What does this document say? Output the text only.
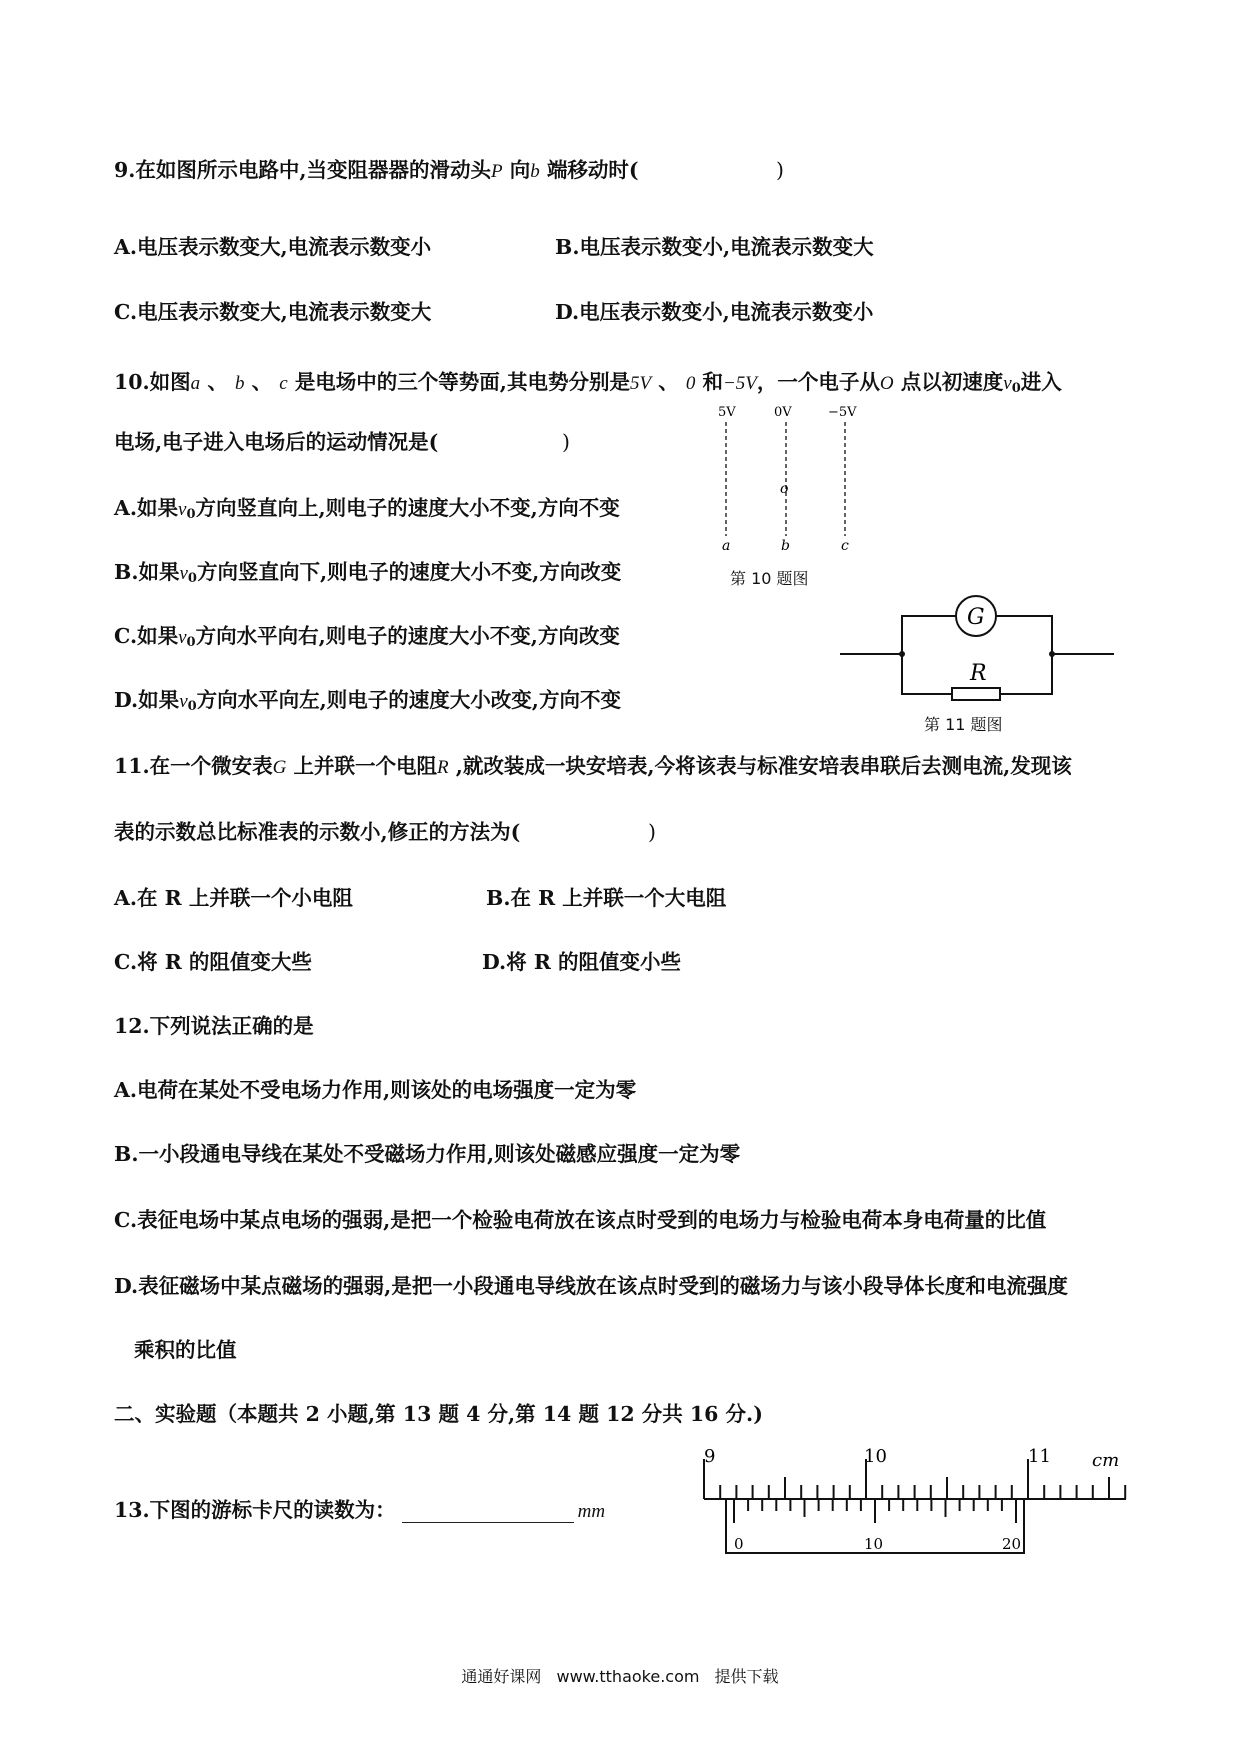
9.在如图所示电路中,当变阻器器的滑动头P 向b 端移动时(	)
A.电压表示数变大,电流表示数变小	B.电压表示数变小,电流表示数变大
C.电压表示数变大,电流表示数变大	D.电压表示数变小,电流表示数变小
10.如图a 、 b 、 c 是电场中的三个等势面,其电势分别是5V 、 0 和−5V，一个电子从O 点以初速度$v_0$进入
电场,电子进入电场后的运动情况是(	)
A.如果$v_0$方向竖直向上,则电子的速度大小不变,方向不变
B.如果$v_0$方向竖直向下,则电子的速度大小不变,方向改变
C.如果$v_0$方向水平向右,则电子的速度大小不变,方向改变
D.如果$v_0$方向水平向左,则电子的速度大小改变,方向不变
5V	0V	−5V
o
a	b	c
第 10 题图
G
R
第 11 题图
11.在一个微安表G 上并联一个电阻R ,就改装成一块安培表,今将该表与标准安培表串联后去测电流,发现该
表的示数总比标准表的示数小,修正的方法为(	)
A.在 R 上并联一个小电阻	B.在 R 上并联一个大电阻
C.将 R 的阻值变大些	D.将 R 的阻值变小些
12.下列说法正确的是
A.电荷在某处不受电场力作用,则该处的电场强度一定为零
B.一小段通电导线在某处不受磁场力作用,则该处磁感应强度一定为零
C.表征电场中某点电场的强弱,是把一个检验电荷放在该点时受到的电场力与检验电荷本身电荷量的比值
D.表征磁场中某点磁场的强弱,是把一小段通电导线放在该点时受到的磁场力与该小段导体长度和电流强度
乘积的比值
二、实验题（本题共 2 小题,第 13 题 4 分,第 14 题 12 分共 16 分.)
13.下图的游标卡尺的读数为：	mm
9	10	11 cm
0	10	20
通通好课网 www.tthaoke.com 提供下载
